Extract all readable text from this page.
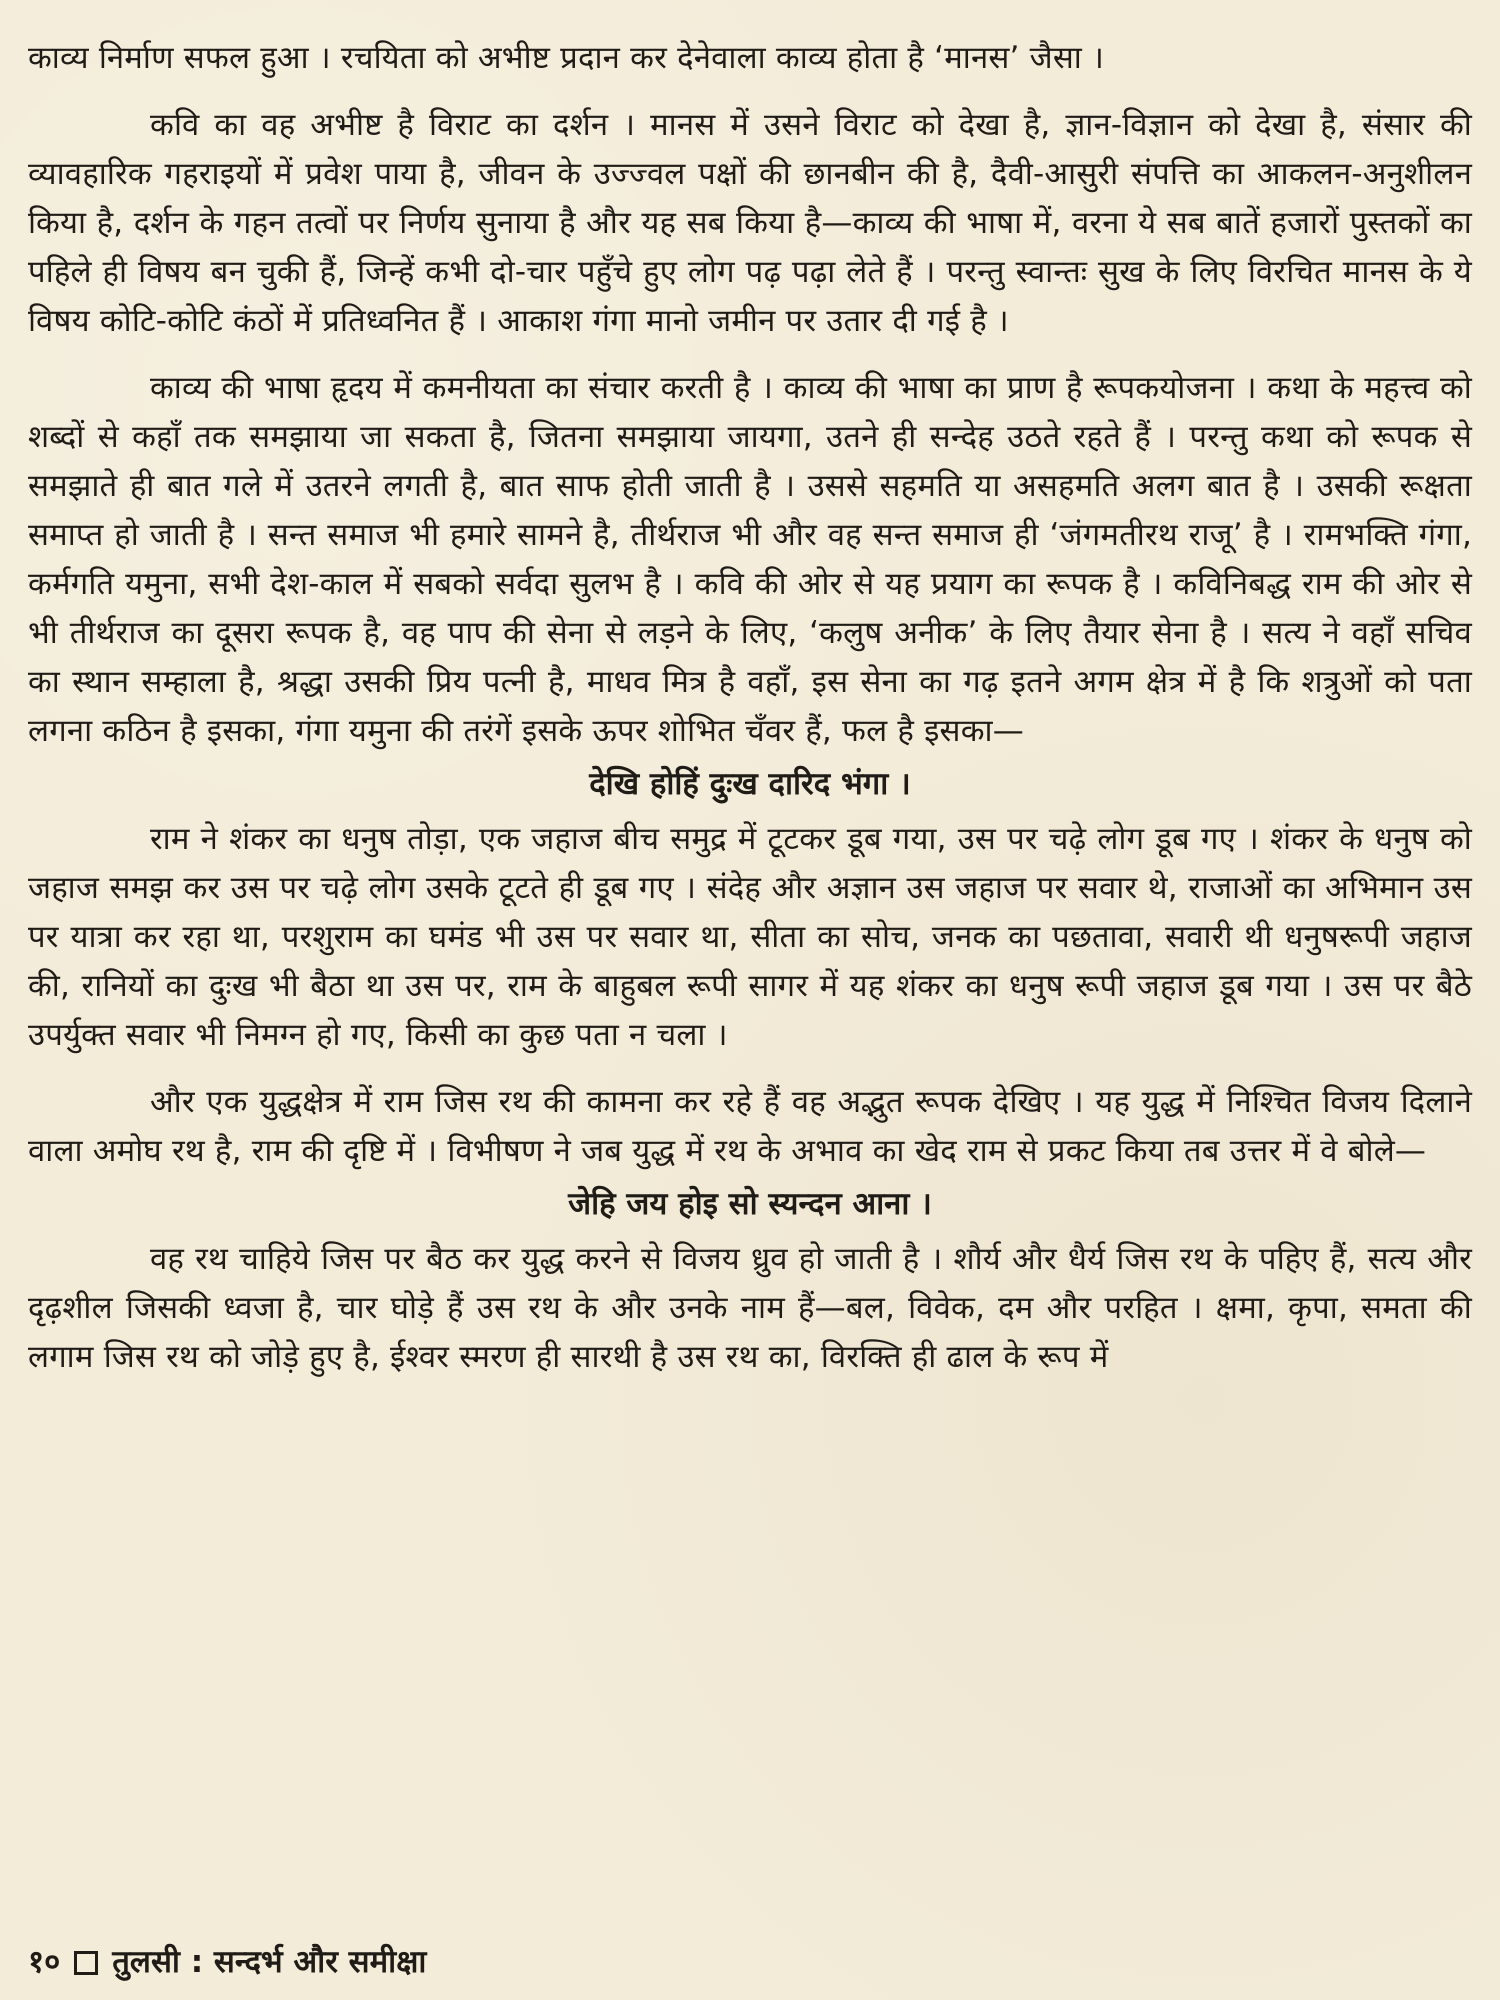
काव्य निर्माण सफल हुआ । रचयिता को अभीष्ट प्रदान कर देनेवाला काव्य होता है ‘मानस’ जैसा ।

कवि का वह अभीष्ट है विराट का दर्शन । मानस में उसने विराट को देखा है, ज्ञान-विज्ञान को देखा है, संसार की व्यावहारिक गहराइयों में प्रवेश पाया है, जीवन के उज्ज्वल पक्षों की छानबीन की है, दैवी-आसुरी संपत्ति का आकलन-अनुशीलन किया है, दर्शन के गहन तत्वों पर निर्णय सुनाया है और यह सब किया है—काव्य की भाषा में, वरना ये सब बातें हजारों पुस्तकों का पहिले ही विषय बन चुकी हैं, जिन्हें कभी दो-चार पहुँचे हुए लोग पढ़ पढ़ा लेते हैं । परन्तु स्वान्तः सुख के लिए विरचित मानस के ये विषय कोटि-कोटि कंठों में प्रतिध्वनित हैं । आकाश गंगा मानो जमीन पर उतार दी गई है ।

काव्य की भाषा हृदय में कमनीयता का संचार करती है । काव्य की भाषा का प्राण है रूपकयोजना । कथा के महत्त्व को शब्दों से कहाँ तक समझाया जा सकता है, जितना समझाया जायगा, उतने ही सन्देह उठते रहते हैं । परन्तु कथा को रूपक से समझाते ही बात गले में उतरने लगती है, बात साफ होती जाती है । उससे सहमति या असहमति अलग बात है । उसकी रूक्षता समाप्त हो जाती है । सन्त समाज भी हमारे सामने है, तीर्थराज भी और वह सन्त समाज ही ‘जंगमतीरथ राजू’ है । रामभक्ति गंगा, कर्मगति यमुना, सभी देश-काल में सबको सर्वदा सुलभ है । कवि की ओर से यह प्रयाग का रूपक है । कविनिबद्ध राम की ओर से भी तीर्थराज का दूसरा रूपक है, वह पाप की सेना से लड़ने के लिए, ‘कलुष अनीक’ के लिए तैयार सेना है । सत्य ने वहाँ सचिव का स्थान सम्हाला है, श्रद्धा उसकी प्रिय पत्नी है, माधव मित्र है वहाँ, इस सेना का गढ़ इतने अगम क्षेत्र में है कि शत्रुओं को पता लगना कठिन है इसका, गंगा यमुना की तरंगें इसके ऊपर शोभित चँवर हैं, फल है इसका—

देखि होहिं दुःख दारिद भंगा ।

राम ने शंकर का धनुष तोड़ा, एक जहाज बीच समुद्र में टूटकर डूब गया, उस पर चढ़े लोग डूब गए । शंकर के धनुष को जहाज समझ कर उस पर चढ़े लोग उसके टूटते ही डूब गए । संदेह और अज्ञान उस जहाज पर सवार थे, राजाओं का अभिमान उस पर यात्रा कर रहा था, परशुराम का घमंड भी उस पर सवार था, सीता का सोच, जनक का पछतावा, सवारी थी धनुषरूपी जहाज की, रानियों का दुःख भी बैठा था उस पर, राम के बाहुबल रूपी सागर में यह शंकर का धनुष रूपी जहाज डूब गया । उस पर बैठे उपर्युक्त सवार भी निमग्न हो गए, किसी का कुछ पता न चला ।

और एक युद्धक्षेत्र में राम जिस रथ की कामना कर रहे हैं वह अद्भुत रूपक देखिए । यह युद्ध में निश्चित विजय दिलाने वाला अमोघ रथ है, राम की दृष्टि में । विभीषण ने जब युद्ध में रथ के अभाव का खेद राम से प्रकट किया तब उत्तर में वे बोले—

जेहि जय होइ सो स्यन्दन आना ।

वह रथ चाहिये जिस पर बैठ कर युद्ध करने से विजय ध्रुव हो जाती है । शौर्य और धैर्य जिस रथ के पहिए हैं, सत्य और दृढ़शील जिसकी ध्वजा है, चार घोड़े हैं उस रथ के और उनके नाम हैं—बल, विवेक, दम और परहित । क्षमा, कृपा, समता की लगाम जिस रथ को जोड़े हुए है, ईश्वर स्मरण ही सारथी है उस रथ का, विरक्ति ही ढाल के रूप में

१० तुलसी : सन्दर्भ और समीक्षा
